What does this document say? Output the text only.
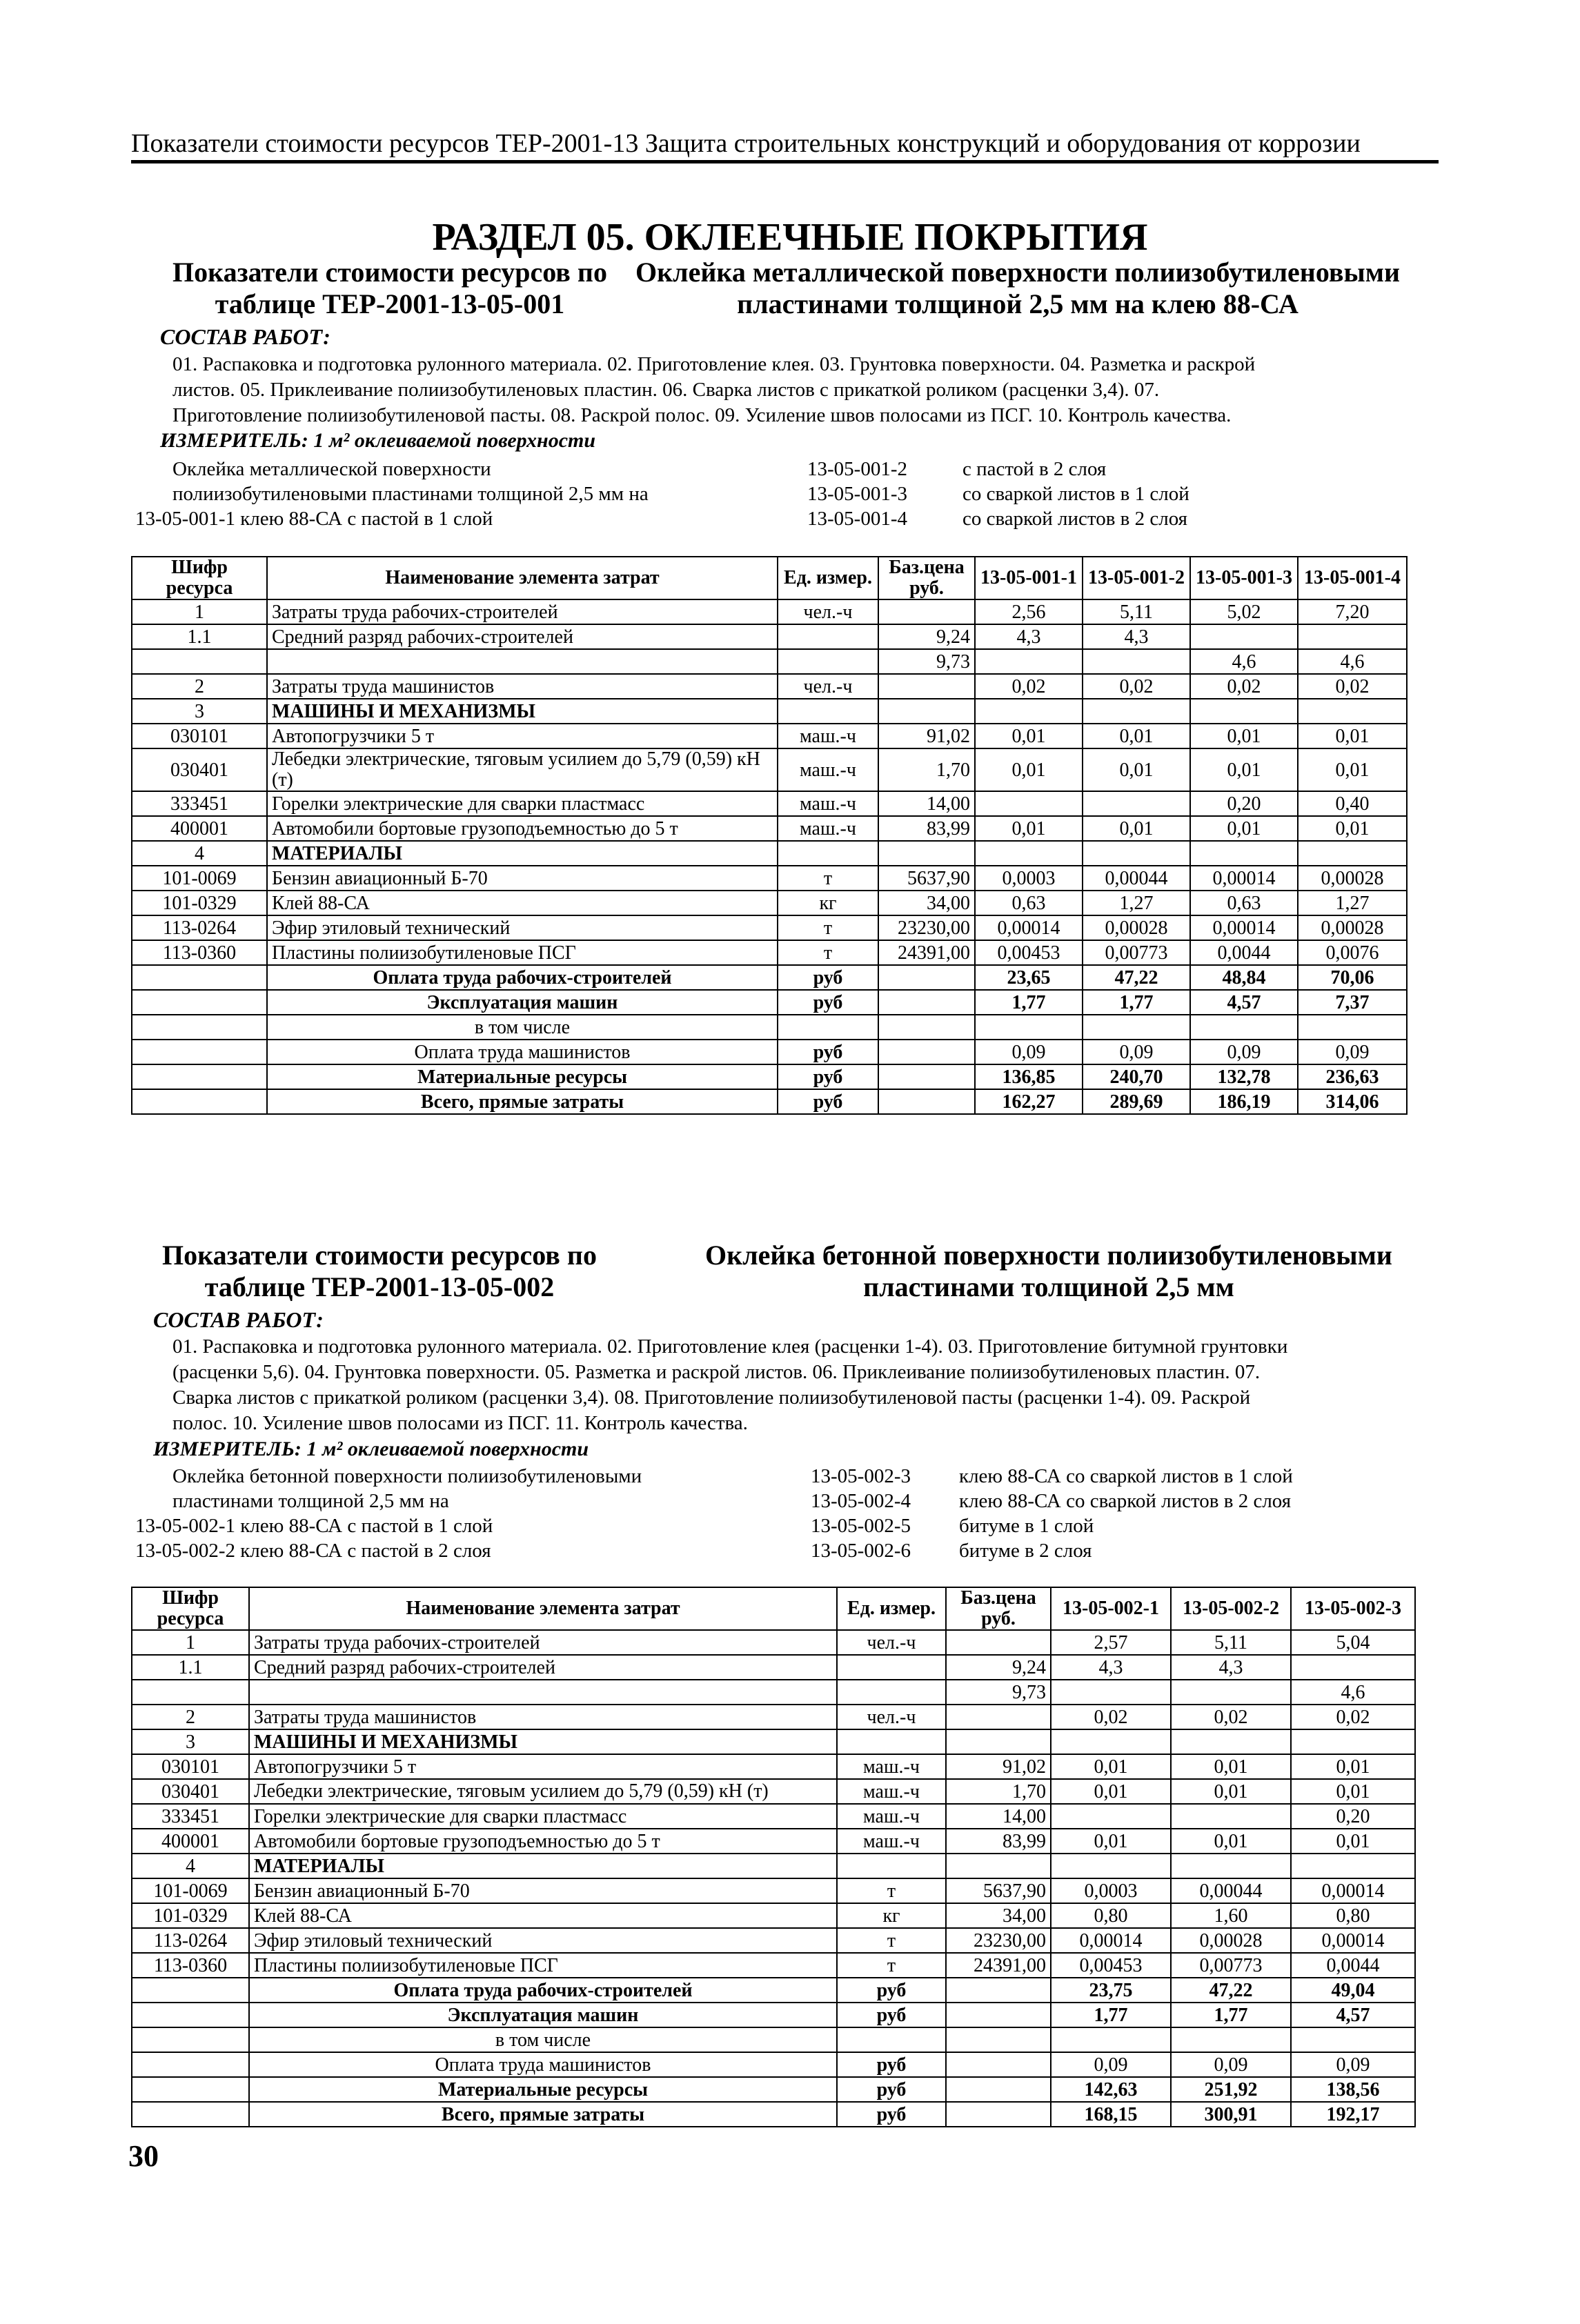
Показатели стоимости ресурсов ТЕР-2001-13 Защита строительных конструкций и оборудования от коррозии
РАЗДЕЛ 05. ОКЛЕЕЧНЫЕ ПОКРЫТИЯ
Показатели стоимости ресурсов по
таблице ТЕР-2001-13-05-001
Оклейка металлической поверхности полиизобутиленовыми
пластинами толщиной 2,5 мм на клею 88-СА
СОСТАВ РАБОТ:
01. Распаковка и подготовка рулонного материала. 02. Приготовление клея. 03. Грунтовка поверхности. 04. Разметка и раскрой
листов. 05. Приклеивание полиизобутиленовых пластин. 06. Сварка листов с прикаткой роликом (расценки 3,4). 07.
Приготовление полиизобутиленовой пасты. 08. Раскрой полос. 09. Усиление швов полосами из ПСГ. 10. Контроль качества.
ИЗМЕРИТЕЛЬ: 1 м² оклеиваемой поверхности
Оклейка металлической поверхности	13-05-001-2	с пастой в 2 слоя
полиизобутиленовыми пластинами толщиной 2,5 мм на	13-05-001-3	со сваркой листов в 1 слой
13-05-001-1 клею 88-СА с пастой в 1 слой	13-05-001-4	со сваркой листов в 2 слоя
Шифр ресурса	Наименование элемента затрат	Ед. измер.	Баз.цена руб.	13-05-001-1	13-05-001-2	13-05-001-3	13-05-001-4
1	Затраты труда рабочих-строителей	чел.-ч		2,56	5,11	5,02	7,20
1.1	Средний разряд рабочих-строителей		9,24	4,3	4,3		
			9,73			4,6	4,6
2	Затраты труда машинистов	чел.-ч		0,02	0,02	0,02	0,02
3	МАШИНЫ И МЕХАНИЗМЫ						
030101	Автопогрузчики 5 т	маш.-ч	91,02	0,01	0,01	0,01	0,01
030401	Лебедки электрические, тяговым усилием до 5,79 (0,59) кН (т)	маш.-ч	1,70	0,01	0,01	0,01	0,01
333451	Горелки электрические для сварки пластмасс	маш.-ч	14,00			0,20	0,40
400001	Автомобили бортовые грузоподъемностью до 5 т	маш.-ч	83,99	0,01	0,01	0,01	0,01
4	МАТЕРИАЛЫ						
101-0069	Бензин авиационный Б-70	т	5637,90	0,0003	0,00044	0,00014	0,00028
101-0329	Клей 88-СА	кг	34,00	0,63	1,27	0,63	1,27
113-0264	Эфир этиловый технический	т	23230,00	0,00014	0,00028	0,00014	0,00028
113-0360	Пластины полиизобутиленовые ПСГ	т	24391,00	0,00453	0,00773	0,0044	0,0076
	Оплата труда рабочих-строителей	руб		23,65	47,22	48,84	70,06
	Эксплуатация машин	руб		1,77	1,77	4,57	7,37
	в том числе						
	Оплата труда машинистов	руб		0,09	0,09	0,09	0,09
	Материальные ресурсы	руб		136,85	240,70	132,78	236,63
	Всего, прямые затраты	руб		162,27	289,69	186,19	314,06
Показатели стоимости ресурсов по
таблице ТЕР-2001-13-05-002
Оклейка бетонной поверхности полиизобутиленовыми
пластинами толщиной 2,5 мм
СОСТАВ РАБОТ:
01. Распаковка и подготовка рулонного материала. 02. Приготовление клея (расценки 1-4). 03. Приготовление битумной грунтовки
(расценки 5,6). 04. Грунтовка поверхности. 05. Разметка и раскрой листов. 06. Приклеивание полиизобутиленовых пластин. 07.
Сварка листов с прикаткой роликом (расценки 3,4). 08. Приготовление полиизобутиленовой пасты (расценки 1-4). 09. Раскрой
полос. 10. Усиление швов полосами из ПСГ. 11. Контроль качества.
ИЗМЕРИТЕЛЬ: 1 м² оклеиваемой поверхности
Оклейка бетонной поверхности полиизобутиленовыми	13-05-002-3 клею 88-СА со сваркой листов в 1 слой
пластинами толщиной 2,5 мм на	13-05-002-4 клею 88-СА со сваркой листов в 2 слоя
13-05-002-1 клею 88-СА с пастой в 1 слой	13-05-002-5 битуме в 1 слой
13-05-002-2 клею 88-СА с пастой в 2 слоя	13-05-002-6 битуме в 2 слоя
Шифр ресурса	Наименование элемента затрат	Ед. измер.	Баз.цена руб.	13-05-002-1	13-05-002-2	13-05-002-3
1	Затраты труда рабочих-строителей	чел.-ч		2,57	5,11	5,04
1.1	Средний разряд рабочих-строителей		9,24	4,3	4,3	
			9,73			4,6
2	Затраты труда машинистов	чел.-ч		0,02	0,02	0,02
3	МАШИНЫ И МЕХАНИЗМЫ					
030101	Автопогрузчики 5 т	маш.-ч	91,02	0,01	0,01	0,01
030401	Лебедки электрические, тяговым усилием до 5,79 (0,59) кН (т)	маш.-ч	1,70	0,01	0,01	0,01
333451	Горелки электрические для сварки пластмасс	маш.-ч	14,00			0,20
400001	Автомобили бортовые грузоподъемностью до 5 т	маш.-ч	83,99	0,01	0,01	0,01
4	МАТЕРИАЛЫ					
101-0069	Бензин авиационный Б-70	т	5637,90	0,0003	0,00044	0,00014
101-0329	Клей 88-СА	кг	34,00	0,80	1,60	0,80
113-0264	Эфир этиловый технический	т	23230,00	0,00014	0,00028	0,00014
113-0360	Пластины полиизобутиленовые ПСГ	т	24391,00	0,00453	0,00773	0,0044
	Оплата труда рабочих-строителей	руб		23,75	47,22	49,04
	Эксплуатация машин	руб		1,77	1,77	4,57
	в том числе					
	Оплата труда машинистов	руб		0,09	0,09	0,09
	Материальные ресурсы	руб		142,63	251,92	138,56
	Всего, прямые затраты	руб		168,15	300,91	192,17
30
